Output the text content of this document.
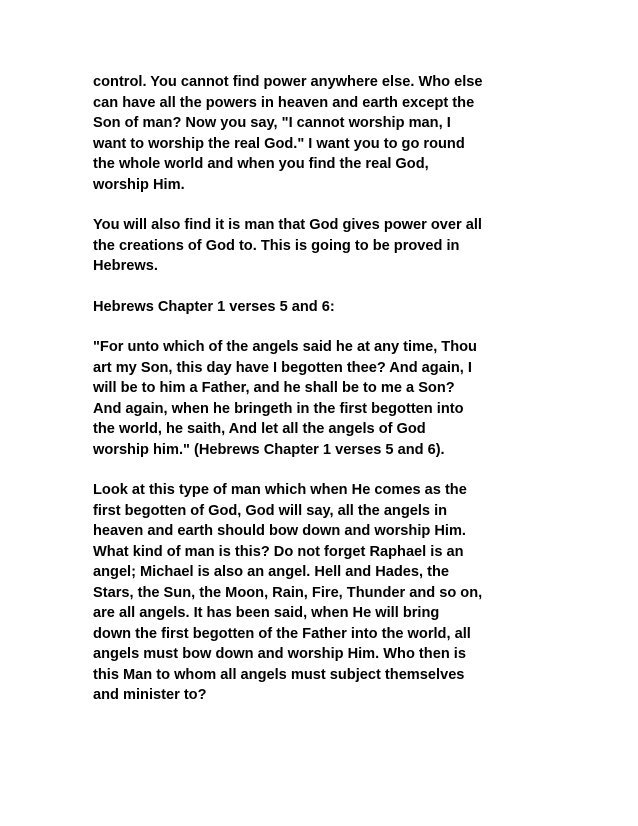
control. You cannot find power anywhere else. Who else
can have all the powers in heaven and earth except the
Son of man? Now you say, "I cannot worship man, I
want to worship the real God." I want you to go round
the whole world and when you find the real God,
worship Him.
You will also find it is man that God gives power over all
the creations of God to. This is going to be proved in
Hebrews.
Hebrews Chapter 1 verses 5 and 6:
"For unto which of the angels said he at any time, Thou
art my Son, this day have I begotten thee? And again, I
will be to him a Father, and he shall be to me a Son?
And again, when he bringeth in the first begotten into
the world, he saith, And let all the angels of God
worship him." (Hebrews Chapter 1 verses 5 and 6).
Look at this type of man which when He comes as the
first begotten of God, God will say, all the angels in
heaven and earth should bow down and worship Him.
What kind of man is this? Do not forget Raphael is an
angel; Michael is also an angel. Hell and Hades, the
Stars, the Sun, the Moon, Rain, Fire, Thunder and so on,
are all angels. It has been said, when He will bring
down the first begotten of the Father into the world, all
angels must bow down and worship Him. Who then is
this Man to whom all angels must subject themselves
and minister to?
